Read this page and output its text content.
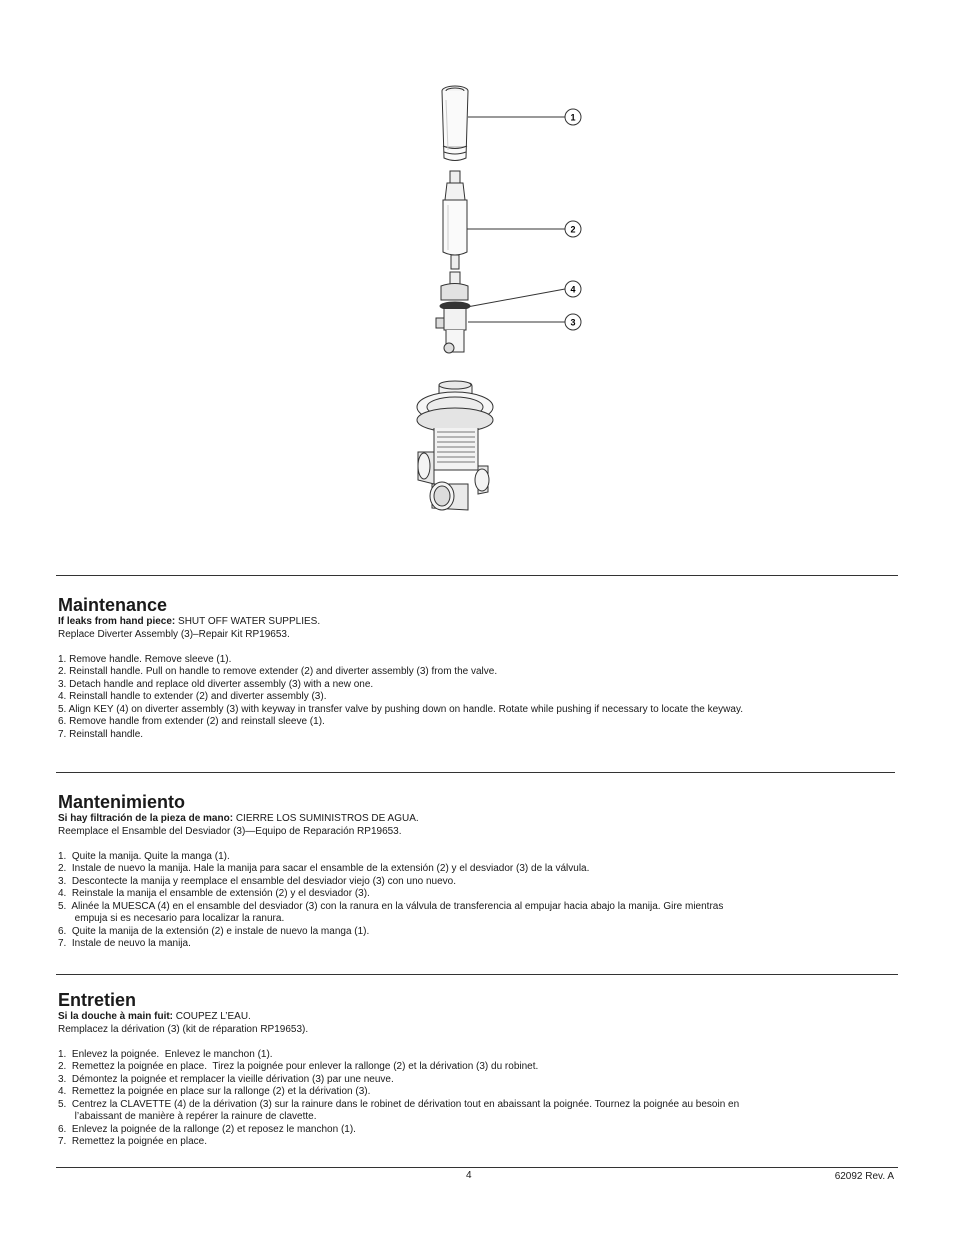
1
2
4
3
Maintenance
If leaks from hand piece: SHUT OFF WATER SUPPLIES.
Replace Diverter Assembly (3)–Repair Kit RP19653.
1. Remove handle. Remove sleeve (1).
2. Reinstall handle. Pull on handle to remove extender (2) and diverter assembly (3) from the valve.
3. Detach handle and replace old diverter assembly (3) with a new one.
4. Reinstall handle to extender (2) and diverter assembly (3).
5. Align KEY (4) on diverter assembly (3) with keyway in transfer valve by pushing down on handle. Rotate while pushing if necessary to locate the keyway.
6. Remove handle from extender (2) and reinstall sleeve (1).
7. Reinstall handle.
Mantenimiento
Si hay filtración de la pieza de mano: CIERRE LOS SUMINISTROS DE AGUA.
Reemplace el Ensamble del Desviador (3)—Equipo de Reparación RP19653.
1.  Quite la manija. Quite la manga (1).
2.  Instale de nuevo la manija. Hale la manija para sacar el ensamble de la extensión (2) y el desviador (3) de la válvula.
3.  Descontecte la manija y reemplace el ensamble del desviador viejo (3) con uno nuevo.
4.  Reinstale la manija el ensamble de extensión (2) y el desviador (3).
5.  Alinée la MUESCA (4) en el ensamble del desviador (3) con la ranura en la válvula de transferencia al empujar hacia abajo la manija. Gire mientras
empuja si es necesario para localizar la ranura.
6.  Quite la manija de la extensión (2) e instale de nuevo la manga (1).
7.  Instale de neuvo la manija.
Entretien
Si la douche à main fuit: COUPEZ L’EAU.
Remplacez la dérivation (3) (kit de réparation RP19653).
1.  Enlevez la poignée.  Enlevez le manchon (1).
2.  Remettez la poignée en place.  Tirez la poignée pour enlever la rallonge (2) et la dérivation (3) du robinet.
3.  Démontez la poignée et remplacer la vieille dérivation (3) par une neuve.
4.  Remettez la poignée en place sur la rallonge (2) et la dérivation (3).
5.  Centrez la CLAVETTE (4) de la dérivation (3) sur la rainure dans le robinet de dérivation tout en abaissant la poignée. Tournez la poignée au besoin en
l’abaissant de manière à repérer la rainure de clavette.
6.  Enlevez la poignée de la rallonge (2) et reposez le manchon (1).
7.  Remettez la poignée en place.
4	62092 Rev. A
